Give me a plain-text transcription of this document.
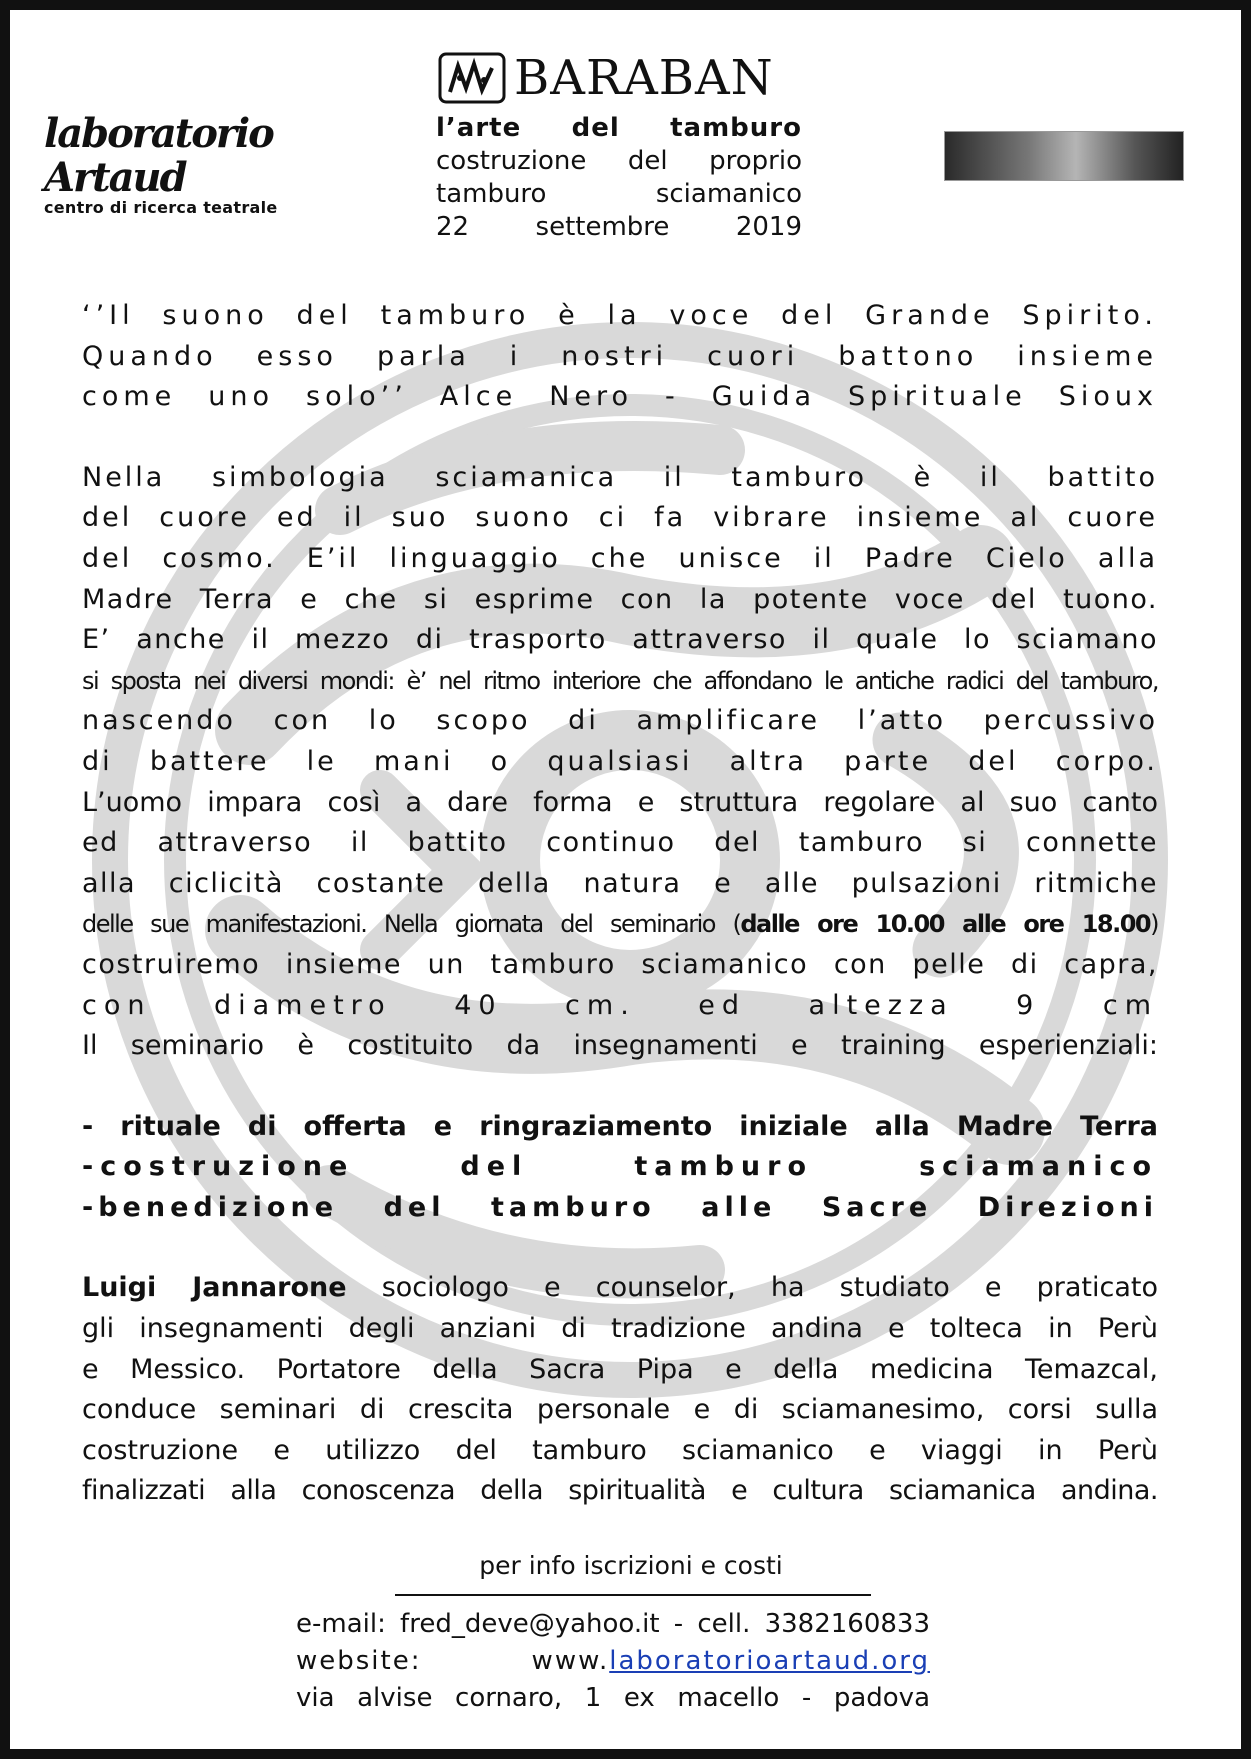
laboratorio Artaud
centro di ricerca teatrale
BARABAN
l’arte del tamburo
costruzione del proprio
tamburo sciamanico
22 settembre 2019
‘’Il suono del tamburo è la voce del Grande Spirito.
Quando esso parla i nostri cuori battono insieme
come uno solo’’ Alce Nero - Guida Spirituale Sioux
Nella simbologia sciamanica il tamburo è il battito
del cuore ed il suo suono ci fa vibrare insieme al cuore
del cosmo. E’il linguaggio che unisce il Padre Cielo alla
Madre Terra e che si esprime con la potente voce del tuono.
E’ anche il mezzo di trasporto attraverso il quale lo sciamano
si sposta nei diversi mondi: è’ nel ritmo interiore che affondano le antiche radici del tamburo,
nascendo con lo scopo di amplificare l’atto percussivo
di battere le mani o qualsiasi altra parte del corpo.
L’uomo impara così a dare forma e struttura regolare al suo canto
ed attraverso il battito continuo del tamburo si connette
alla ciclicità costante della natura e alle pulsazioni ritmiche
delle sue manifestazioni. Nella giornata del seminario (dalle ore 10.00 alle ore 18.00)
costruiremo insieme un tamburo sciamanico con pelle di capra,
con diametro 40 cm. ed altezza 9 cm
Il seminario è costituito da insegnamenti e training esperienziali:
- rituale di offerta e ringraziamento iniziale alla Madre Terra
-costruzione del tamburo sciamanico
-benedizione del tamburo alle Sacre Direzioni
Luigi Jannarone sociologo e counselor, ha studiato e praticato
gli insegnamenti degli anziani di tradizione andina e tolteca in Perù
e Messico. Portatore della Sacra Pipa e della medicina Temazcal,
conduce seminari di crescita personale e di sciamanesimo, corsi sulla
costruzione e utilizzo del tamburo sciamanico e viaggi in Perù
finalizzati alla conoscenza della spiritualità e cultura sciamanica andina.
per info iscrizioni e costi
e-mail: fred_deve@yahoo.it - cell. 3382160833
website: www.laboratorioartaud.org
via alvise cornaro, 1 ex macello - padova
